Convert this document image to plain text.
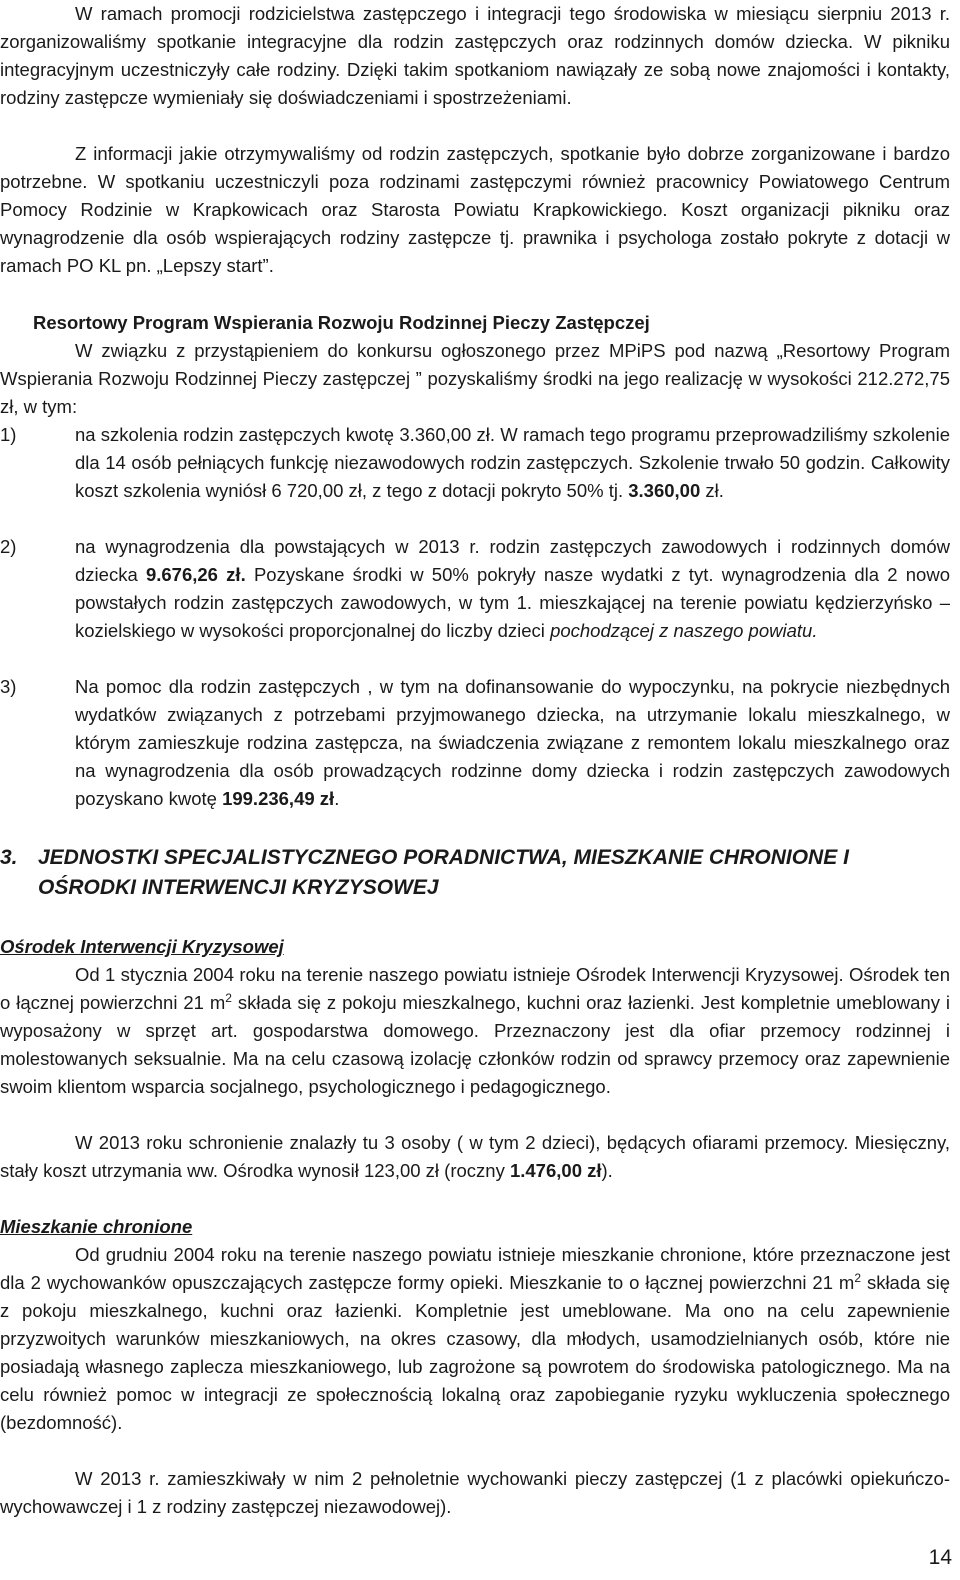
W ramach promocji rodzicielstwa zastępczego i integracji tego środowiska w miesiącu sierpniu 2013 r. zorganizowaliśmy spotkanie integracyjne dla rodzin zastępczych oraz rodzinnych domów dziecka. W pikniku integracyjnym uczestniczyły całe rodziny. Dzięki takim spotkaniom nawiązały ze sobą nowe znajomości i kontakty, rodziny zastępcze wymieniały się doświadczeniami i spostrzeżeniami.

Z informacji jakie otrzymywaliśmy od rodzin zastępczych, spotkanie było dobrze zorganizowane i bardzo potrzebne. W spotkaniu uczestniczyli poza rodzinami zastępczymi również pracownicy Powiatowego Centrum Pomocy Rodzinie w Krapkowicach oraz Starosta Powiatu Krapkowickiego. Koszt organizacji pikniku oraz wynagrodzenie dla osób wspierających rodziny zastępcze tj. prawnika i psychologa zostało pokryte z dotacji w ramach PO KL pn. „Lepszy start”.

Resortowy Program Wspierania Rozwoju Rodzinnej Pieczy Zastępczej

W związku z przystąpieniem do konkursu ogłoszonego przez MPiPS pod nazwą „Resortowy Program Wspierania Rozwoju Rodzinnej Pieczy zastępczej ” pozyskaliśmy środki na jego realizację w wysokości 212.272,75 zł, w tym:

1)	na szkolenia rodzin zastępczych kwotę 3.360,00 zł. W ramach tego programu przeprowadziliśmy szkolenie dla 14 osób pełniących funkcję niezawodowych rodzin zastępczych. Szkolenie trwało 50 godzin. Całkowity koszt szkolenia wyniósł 6 720,00 zł, z tego z dotacji pokryto 50% tj. 3.360,00 zł.
2)	na wynagrodzenia dla powstających w 2013 r. rodzin zastępczych zawodowych i rodzinnych domów dziecka 9.676,26 zł. Pozyskane środki w 50% pokryły nasze wydatki z tyt. wynagrodzenia dla 2 nowo powstałych rodzin zastępczych zawodowych, w tym 1. mieszkającej na terenie powiatu kędzierzyńsko – kozielskiego w wysokości proporcjonalnej do liczby dzieci pochodzącej z naszego powiatu.
3)	Na pomoc dla rodzin zastępczych , w tym na dofinansowanie do wypoczynku, na pokrycie niezbędnych wydatków związanych z potrzebami przyjmowanego dziecka, na utrzymanie lokalu mieszkalnego, w którym zamieszkuje rodzina zastępcza, na świadczenia związane z remontem lokalu mieszkalnego oraz na wynagrodzenia dla osób prowadzących rodzinne domy dziecka i rodzin zastępczych zawodowych pozyskano kwotę 199.236,49 zł.
3. JEDNOSTKI SPECJALISTYCZNEGO PORADNICTWA, MIESZKANIE CHRONIONE I OŚRODKI INTERWENCJI KRYZYSOWEJ

Ośrodek Interwencji Kryzysowej

Od 1 stycznia 2004 roku na terenie naszego powiatu istnieje Ośrodek Interwencji Kryzysowej. Ośrodek ten o łącznej powierzchni 21 $m^2$ składa się z pokoju mieszkalnego, kuchni oraz łazienki. Jest kompletnie umeblowany i wyposażony w sprzęt art. gospodarstwa domowego. Przeznaczony jest dla ofiar przemocy rodzinnej i molestowanych seksualnie. Ma na celu czasową izolację członków rodzin od sprawcy przemocy oraz zapewnienie swoim klientom wsparcia socjalnego, psychologicznego i pedagogicznego.

W 2013 roku schronienie znalazły tu 3 osoby ( w tym 2 dzieci), będących ofiarami przemocy. Miesięczny, stały koszt utrzymania ww. Ośrodka wynosił 123,00 zł (roczny 1.476,00 zł).

Mieszkanie chronione

Od grudniu 2004 roku na terenie naszego powiatu istnieje mieszkanie chronione, które przeznaczone jest dla 2 wychowanków opuszczających zastępcze formy opieki. Mieszkanie to o łącznej powierzchni 21 $m^2$ składa się z pokoju mieszkalnego, kuchni oraz łazienki. Kompletnie jest umeblowane. Ma ono na celu zapewnienie przyzwoitych warunków mieszkaniowych, na okres czasowy, dla młodych, usamodzielnianych osób, które nie posiadają własnego zaplecza mieszkaniowego, lub zagrożone są powrotem do środowiska patologicznego. Ma na celu również pomoc w integracji ze społecznością lokalną oraz zapobieganie ryzyku wykluczenia społecznego (bezdomność).

W 2013 r. zamieszkiwały w nim 2 pełnoletnie wychowanki pieczy zastępczej (1 z placówki opiekuńczo-wychowawczej i 1 z rodziny zastępczej niezawodowej).

14
